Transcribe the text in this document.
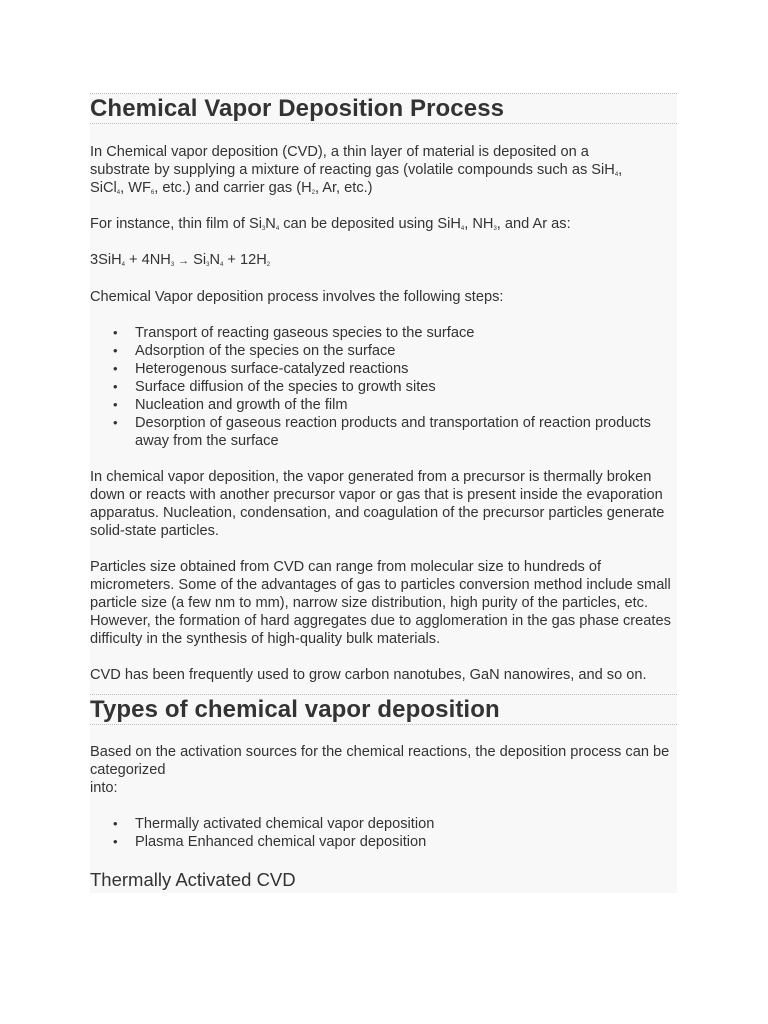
Chemical Vapor Deposition Process

In Chemical vapor deposition (CVD), a thin layer of material is deposited on a substrate by supplying a mixture of reacting gas (volatile compounds such as SiH$_4$, SiCl$_4$, $WF_6$, etc.) and carrier gas ($H_2$, Ar, etc.)

For instance, thin film of $Si_3N_4$ can be deposited using SiH$_4$, $NH_3$, and Ar as:

$3SiH_4 + 4NH_3 \to Si_3N_4 + 12H_2$

Chemical Vapor deposition process involves the following steps:

• Transport of reacting gaseous species to the surface
• Adsorption of the species on the surface
• Heterogenous surface-catalyzed reactions
• Surface diffusion of the species to growth sites
• Nucleation and growth of the film
• Desorption of gaseous reaction products and transportation of reaction products away from the surface

In chemical vapor deposition, the vapor generated from a precursor is thermally broken down or reacts with another precursor vapor or gas that is present inside the evaporation apparatus. Nucleation, condensation, and coagulation of the precursor particles generate solid-state particles.

Particles size obtained from CVD can range from molecular size to hundreds of micrometers. Some of the advantages of gas to particles conversion method include small particle size (a few nm to mm), narrow size distribution, high purity of the particles, etc. However, the formation of hard aggregates due to agglomeration in the gas phase creates difficulty in the synthesis of high-quality bulk materials.

CVD has been frequently used to grow carbon nanotubes, GaN nanowires, and so on.

Types of chemical vapor deposition

Based on the activation sources for the chemical reactions, the deposition process can be categorized
into:

• Thermally activated chemical vapor deposition
• Plasma Enhanced chemical vapor deposition
Thermally Activated CVD
